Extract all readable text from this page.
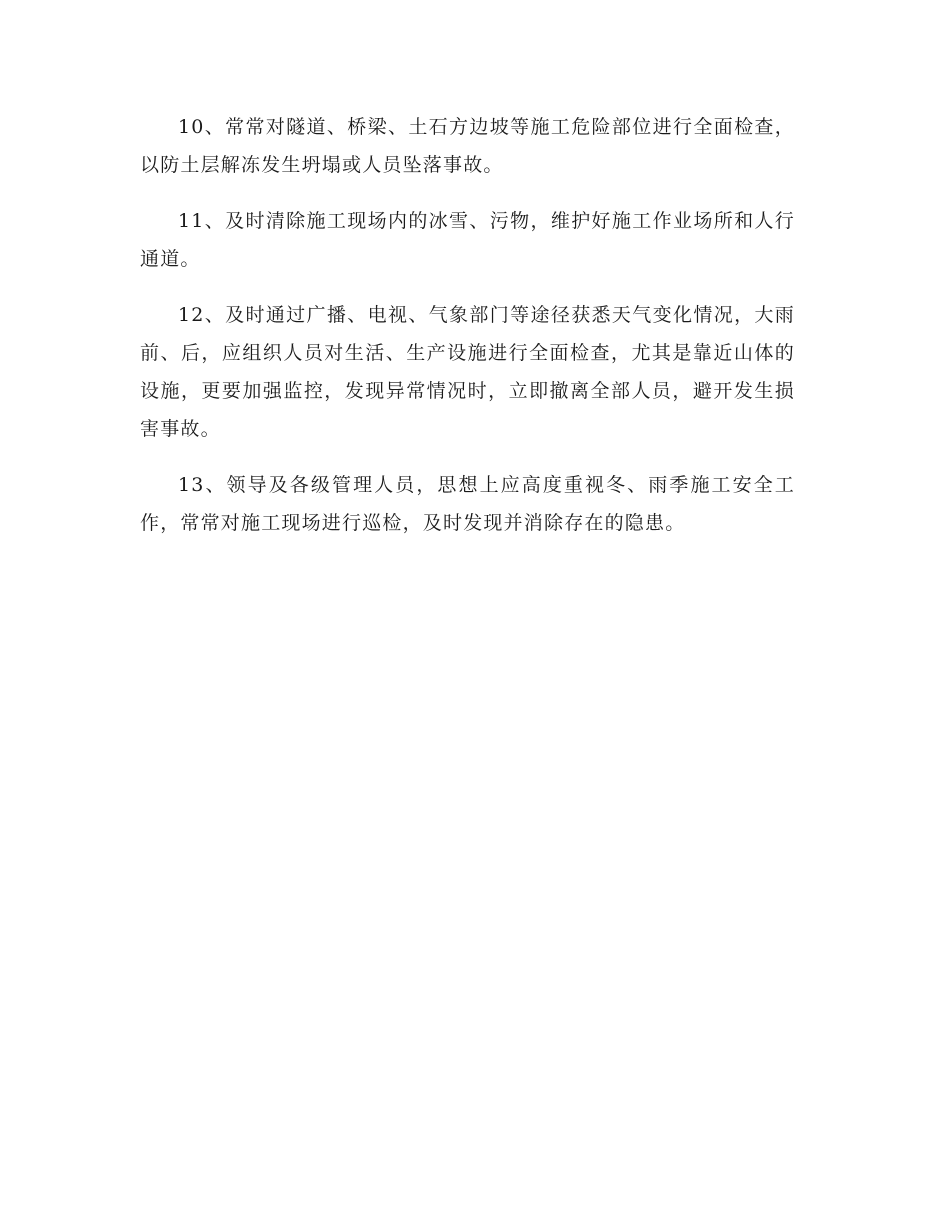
10、常常对隧道、桥梁、土石方边坡等施工危险部位进行全面检查，以防土层解冻发生坍塌或人员坠落事故。

11、及时清除施工现场内的冰雪、污物，维护好施工作业场所和人行通道。

12、及时通过广播、电视、气象部门等途径获悉天气变化情况，大雨前、后，应组织人员对生活、生产设施进行全面检查，尤其是靠近山体的设施，更要加强监控，发现异常情况时，立即撤离全部人员，避开发生损害事故。

13、领导及各级管理人员，思想上应高度重视冬、雨季施工安全工作，常常对施工现场进行巡检，及时发现并消除存在的隐患。
